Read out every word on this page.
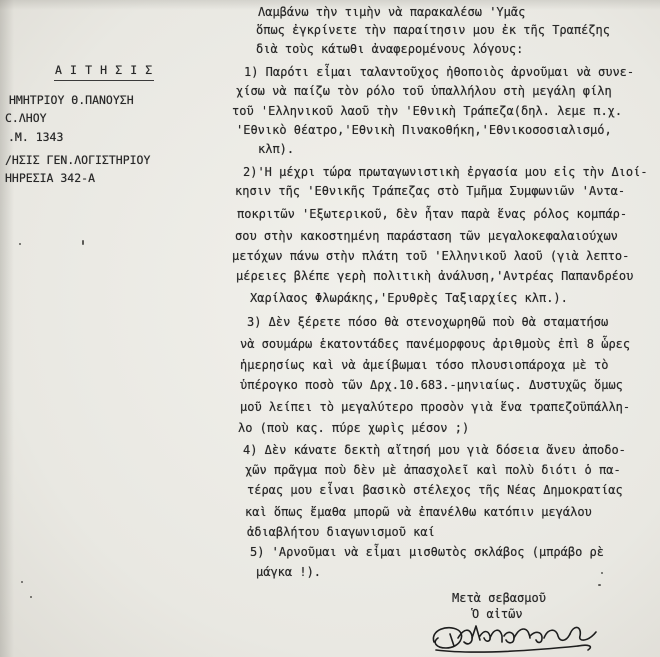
Α Ι Τ Η Σ Ι Σ
ΗΜΗΤΡΙΟΥ Θ.ΠΑΝΟΥΣΗ
Ϲ.ΛΗΟΥ
.Μ. 1343
/ΗΣΙΣ ΓΕΝ.ΛΟΓΙΣΤΗΡΙΟΥ
ΗΗΡΕΣΙΑ 342-Α
Λαμβάνω τὴν τιμὴν νὰ παρακαλέσω 'Υμᾶς
ὅπως ἐγκρίνετε τὴν παραίτησιν μου ἐκ τῆς Τραπέζης
διὰ τοὺς κάτωθι ἀναφερομένους λόγους:
1) Παρότι εἶμαι ταλαντοῦχος ἠθοποιὸς ἀρνοῦμαι νὰ συνε-
χίσω νὰ παίζω τὸν ρόλο τοῦ ὑπαλλήλου στὴ μεγάλη φίλη
τοῦ 'Ελληνικοῦ λαοῦ τὴν 'Εθνικὴ Τράπεζα(δηλ. λεμε π.χ.
'Εθνικὸ θέατρο,'Εθνικὴ Πινακοθήκη,'Εθνικοσοσιαλισμό,
κλπ).
2)'Η μέχρι τώρα πρωταγωνιστικὴ ἐργασία μου εἰς τὴν Διοί-
κησιν τῆς 'Εθνικῆς Τράπεζας στὸ Τμῆμα Συμφωνιῶν 'Αντα-
ποκριτῶν 'Εξωτερικοῦ, δὲν ἦταν παρὰ ἕνας ρόλος κομπάρ-
σου στὴν κακοστημένη παράσταση τῶν μεγαλοκεφαλαιούχων
μετόχων πάνω στὴν πλάτη τοῦ 'Ελληνικοῦ λαοῦ (γιὰ λεπτο-
μέρειες βλέπε γερὴ πολιτικὴ ἀνάλυση,'Αντρέας Παπανδρέου
Χαρίλαος Φλωράκης,'Ερυθρὲς Ταξιαρχίες κλπ.).
3) Δὲν ξέρετε πόσο θὰ στενοχωρηθῶ ποὺ θὰ σταματήσω
νὰ σουμάρω ἑκατοντάδες πανέμορφους ἀριθμοὺς ἐπὶ 8 ὧρες
ἡμερησίως καὶ νὰ ἀμείβωμαι τόσο πλουσιοπάροχα μὲ τὸ
ὑπέρογκο ποσὸ τῶν Δρχ.10.683.-μηνιαίως. Δυστυχῶς ὅμως
μοῦ λείπει τὸ μεγαλύτερο προσὸν γιὰ ἕνα τραπεζοϋπάλλη-
λο (ποὺ κας. πύρε χωρὶς μέσον ;)
4) Δὲν κάνατε δεκτὴ αἴτησή μου γιὰ δόσεια ἄνευ ἀποδο-
χῶν πρᾶγμα ποὺ δὲν μὲ ἀπασχολεῖ καὶ πολὺ διότι ὁ πα-
τέρας μου εἶναι βασικὸ στέλεχος τῆς Νέας Δημοκρατίας
καὶ ὅπως ἔμαθα μπορῶ νὰ ἐπανέλθω κατόπιν μεγάλου
ἀδιαβλήτου διαγωνισμοῦ καί
5) 'Αρνοῦμαι νὰ εἶμαι μισθωτὸς σκλάβος (μπράβο ρὲ
μάγκα !).
Μετὰ σεβασμοῦ
Ὁ αἰτῶν
